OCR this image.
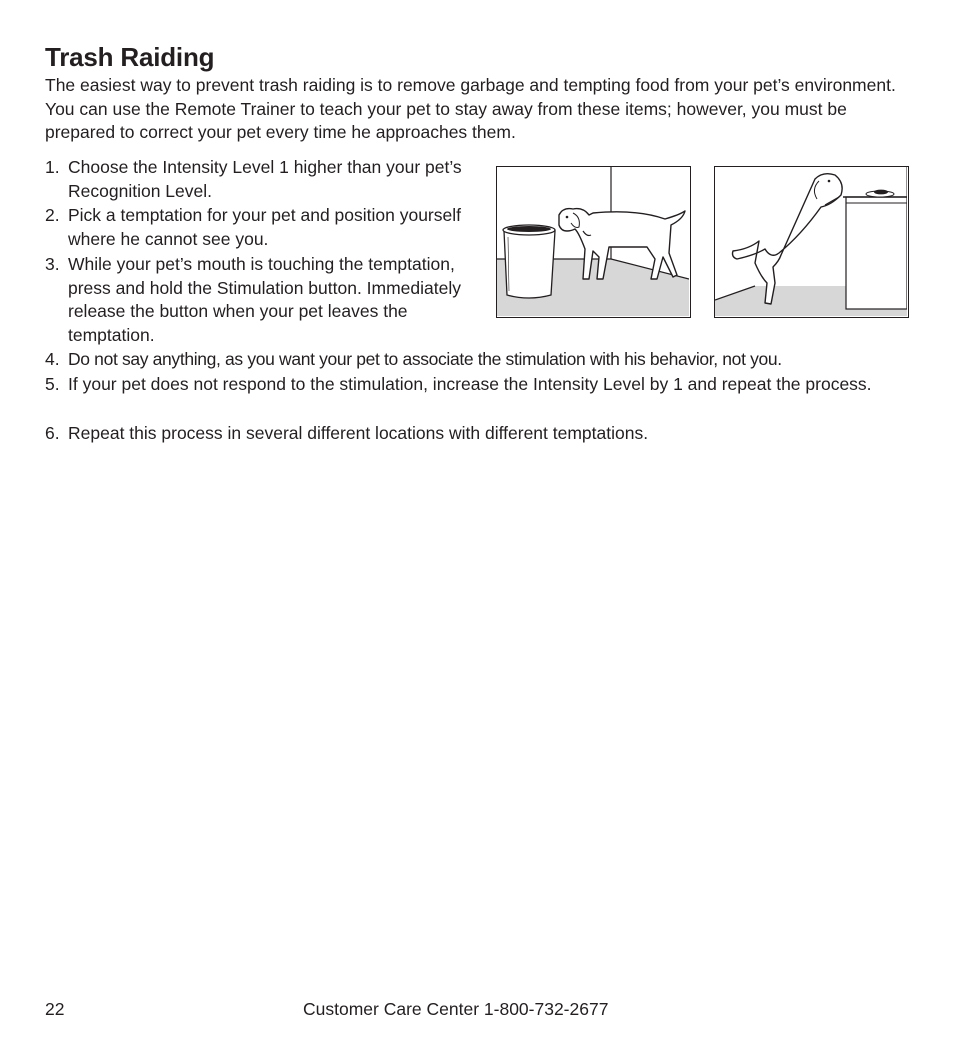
Trash Raiding

The easiest way to prevent trash raiding is to remove garbage and tempting food from your pet’s environment. You can use the Remote Trainer to teach your pet to stay away from these items; however, you must be prepared to correct your pet every time he approaches them.

1. Choose the Intensity Level 1 higher than your pet’s Recognition Level.
2. Pick a temptation for your pet and position yourself where he cannot see you.
3. While your pet’s mouth is touching the temptation, press and hold the Stimulation button. Immediately release the button when your pet leaves the temptation.
4. Do not say anything, as you want your pet to associate the stimulation with his behavior, not you.
5. If your pet does not respond to the stimulation, increase the Intensity Level by 1 and repeat the process.
6. Repeat this process in several different locations with different temptations.
22	Customer Care Center 1-800-732-2677
